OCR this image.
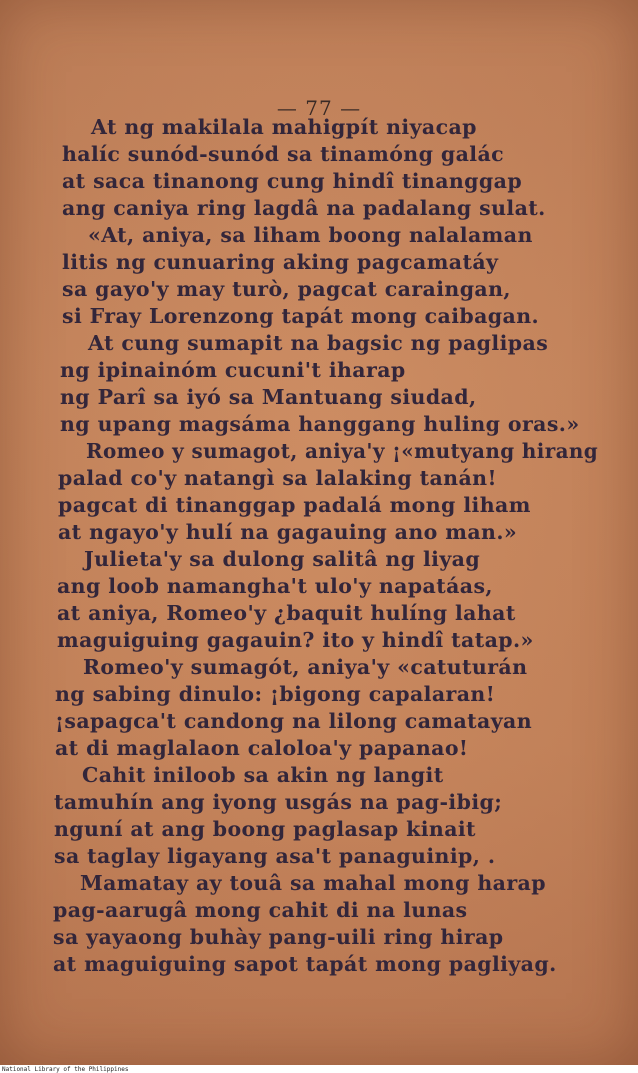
— 77 —
At ng makilala mahigpít niyacap
halíc sunód-sunód sa tinamóng galác
at saca tinanong cung hindî tinanggap
ang caniya ring lagdâ na padalang sulat.
«At, aniya, sa liham boong nalalaman
litis ng cunuaring aking pagcamatáy
sa gayo'y may turò, pagcat caraingan,
si Fray Lorenzong tapát mong caibagan.
At cung sumapit na bagsic ng paglipas
ng ipinainóm cucuni't iharap
ng Parî sa iyó sa Mantuang siudad,
ng upang magsáma hanggang huling oras.»
Romeo y sumagot, aniya'y ¡«mutyang hirang
palad co'y natangì sa lalaking tanán!
pagcat di tinanggap padalá mong liham
at ngayo'y hulí na gagauing ano man.»
Julieta'y sa dulong salitâ ng liyag
ang loob namangha't ulo'y napatáas,
at aniya, Romeo'y ¿baquit hulíng lahat
maguiguing gagauin? ito y hindî tatap.»
Romeo'y sumagót, aniya'y «catuturán
ng sabing dinulo: ¡bigong capalaran!
¡sapagca't candong na lilong camatayan
at di maglalaon caloloa'y papanao!
Cahit iniloob sa akin ng langit
tamuhín ang iyong usgás na pag-ibig;
nguní at ang boong paglasap kinait
sa taglay ligayang asa't panaguinip, .
Mamatay ay touâ sa mahal mong harap
pag-aarugâ mong cahit di na lunas
sa yayaong buhày pang-uili ring hirap
at maguiguing sapot tapát mong pagliyag.
National Library of the Philippines
